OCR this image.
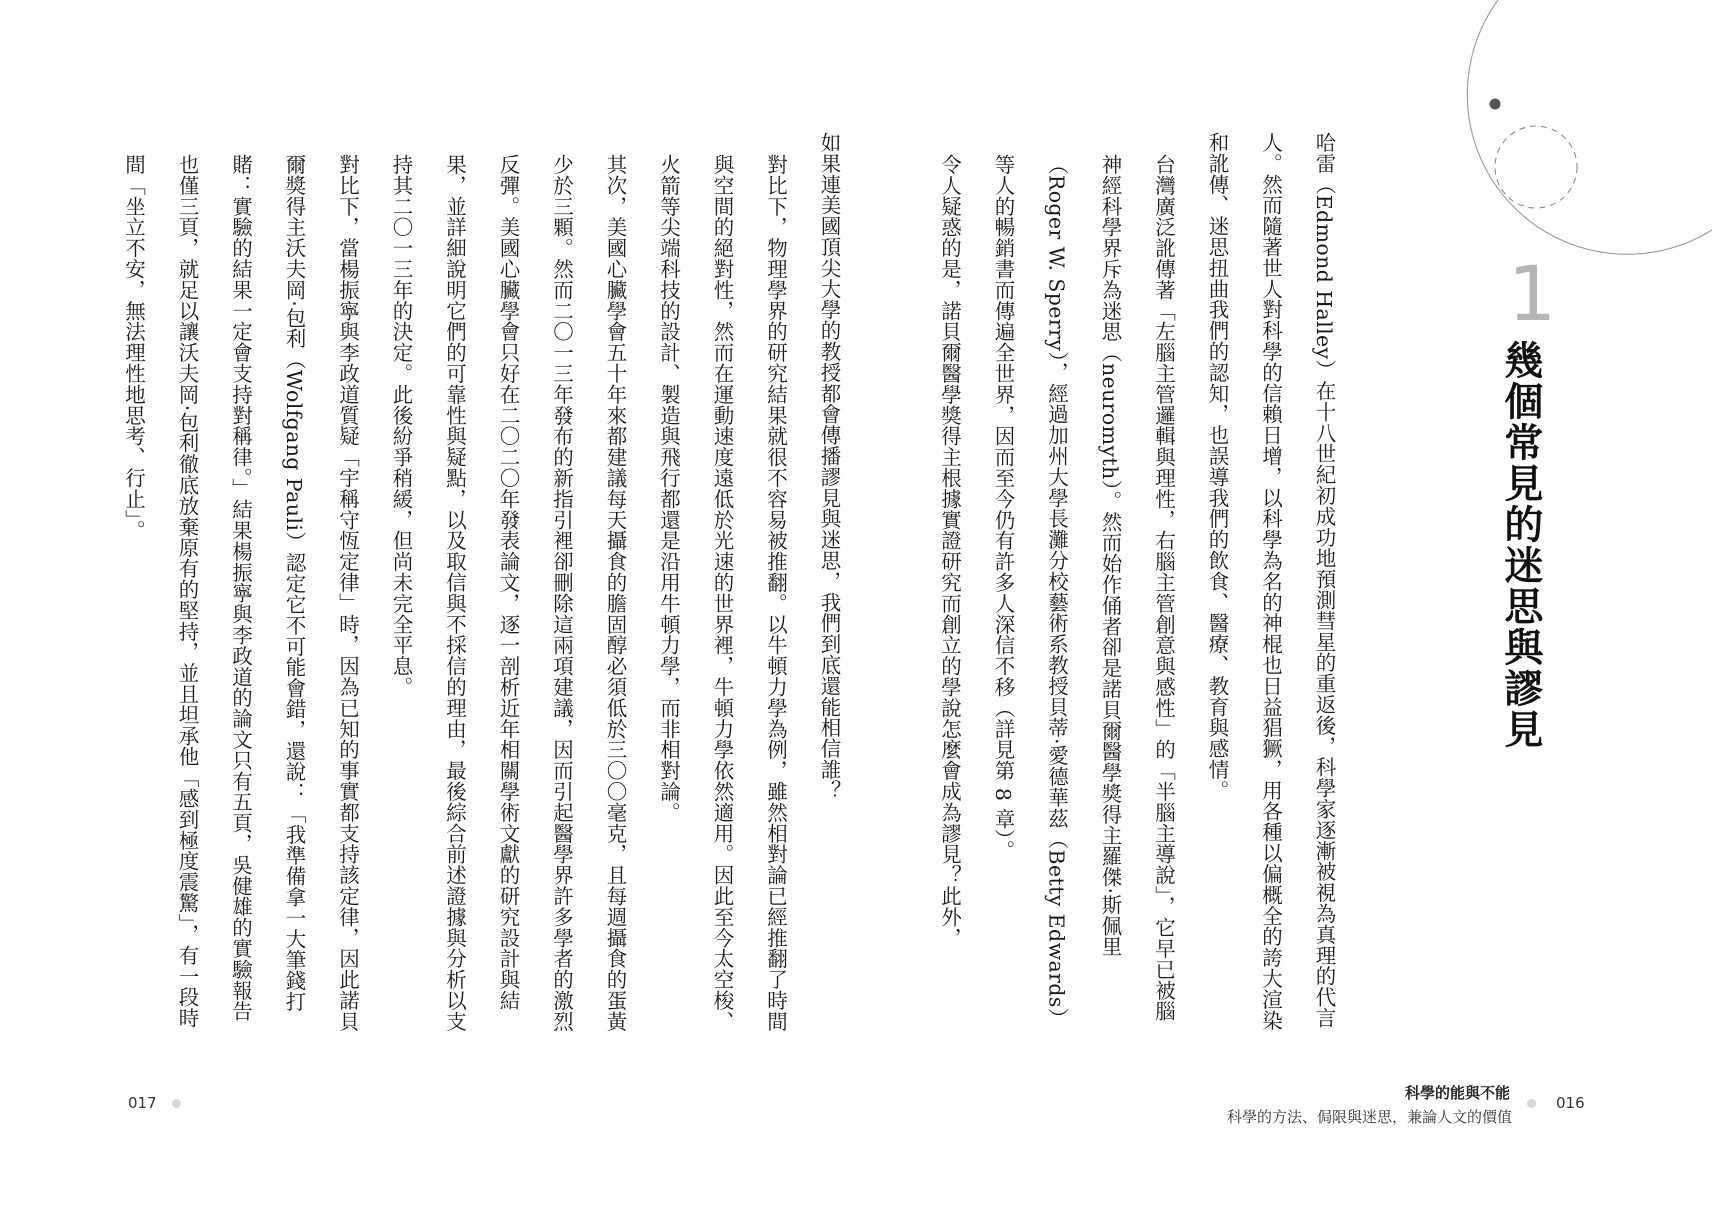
1
幾個常見的迷思與謬見
哈雷（Edmond Halley）在十八世紀初成功地預測彗星的重返後，科學家逐漸被視為真理的代言人。然而隨著世人對科學的信賴日增，以科學為名的神棍也日益猖獗，用各種以偏概全的誇大渲染和訛傳、迷思扭曲我們的認知，也誤導我們的飲食、醫療、教育與感情。
台灣廣泛訛傳著「左腦主管邏輯與理性，右腦主管創意與感性」的「半腦主導說」，它早已被腦神經科學界斥為迷思（neuromyth）。然而始作俑者卻是諾貝爾醫學獎得主羅傑‧斯佩里（Roger W. Sperry），經過加州大學長灘分校藝術系教授貝蒂‧愛德華茲（Betty Edwards）等人的暢銷書而傳遍全世界，因而至今仍有許多人深信不移（詳見第 8 章）。
令人疑惑的是，諾貝爾醫學獎得主根據實證研究而創立的學說怎麼會成為謬見？此外，
如果連美國頂尖大學的教授都會傳播謬見與迷思，我們到底還能相信誰？
對比下，物理學界的研究結果就很不容易被推翻。以牛頓力學為例，雖然相對論已經推翻了時間與空間的絕對性，然而在運動速度遠低於光速的世界裡，牛頓力學依然適用。因此至今太空梭、火箭等尖端科技的設計、製造與飛行都還是沿用牛頓力學，而非相對論。
其次，美國心臟學會五十年來都建議每天攝食的膽固醇必須低於三〇〇毫克，且每週攝食的蛋黃少於三顆。然而二〇一三年發布的新指引裡卻刪除這兩項建議，因而引起醫學界許多學者的激烈反彈。美國心臟學會只好在二〇二〇年發表論文，逐一剖析近年相關學術文獻的研究設計與結果，並詳細說明它們的可靠性與疑點，以及取信與不採信的理由，最後綜合前述證據與分析以支持其二〇一三年的決定。此後紛爭稍緩，但尚未完全平息。
對比下，當楊振寧與李政道質疑「宇稱守恆定律」時，因為已知的事實都支持該定律，因此諾貝爾獎得主沃夫岡‧包利（Wolfgang Pauli）認定它不可能會錯，還說：「我準備拿一大筆錢打賭：實驗的結果一定會支持對稱律。」結果楊振寧與李政道的論文只有五頁，吳健雄的實驗報告也僅三頁，就足以讓沃夫岡‧包利徹底放棄原有的堅持，並且坦承他「感到極度震驚」，有一段時間「坐立不安，無法理性地思考、行止」。
科學的能與不能
科學的方法、侷限與迷思，兼論人文的價值
017	016
